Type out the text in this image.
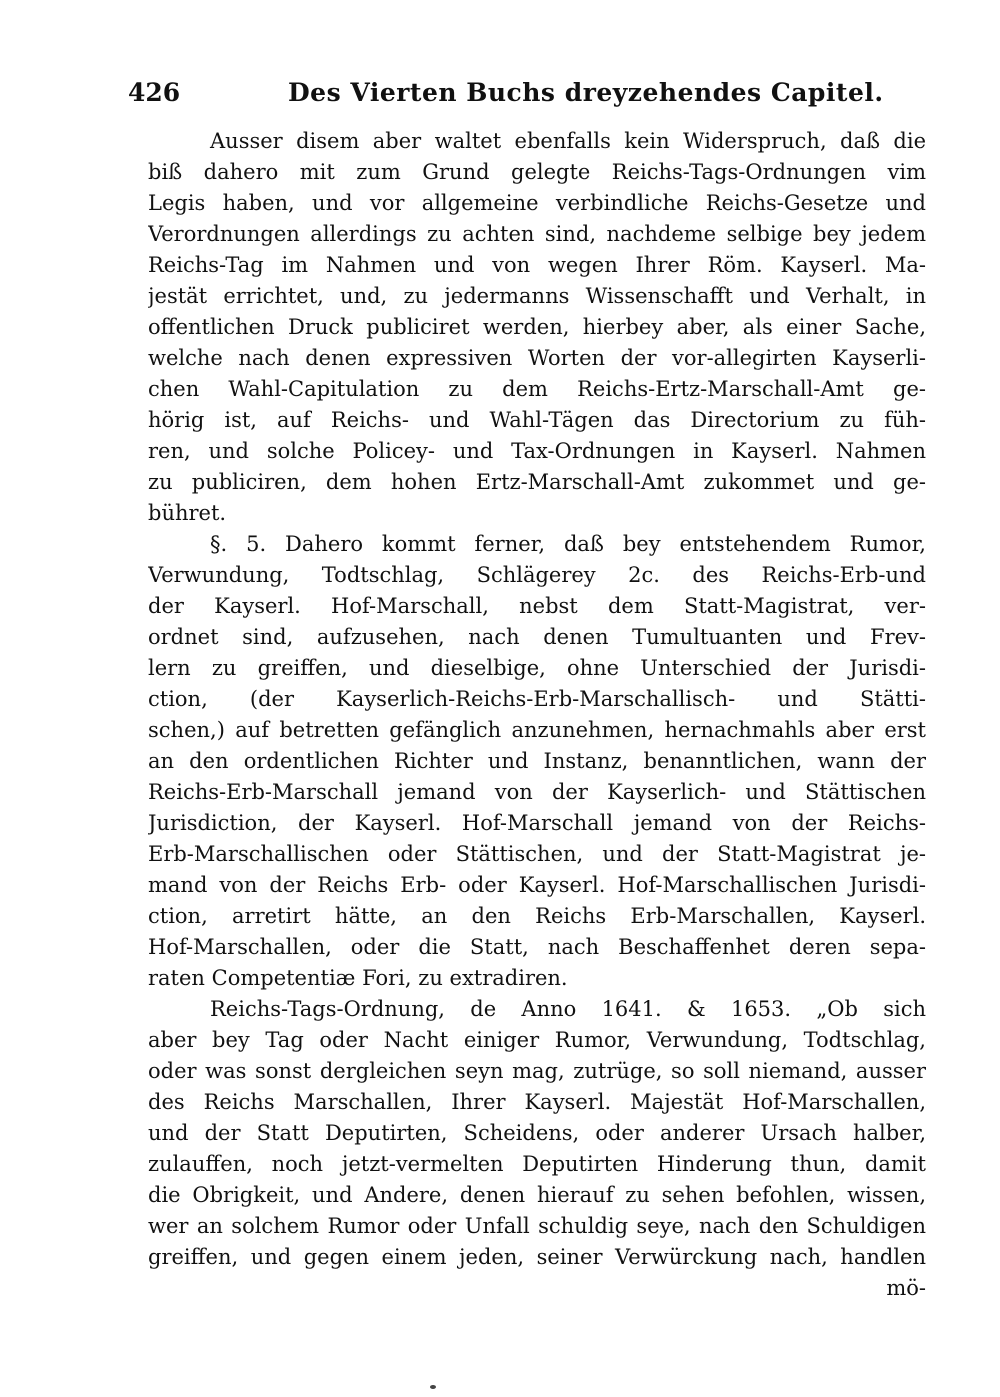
426	Des Vierten Buchs dreyzehendes Capitel.
Ausser disem aber waltet ebenfalls kein Widerspruch, daß die
biß dahero mit zum Grund gelegte Reichs-Tags-Ordnungen vim
Legis haben, und vor allgemeine verbindliche Reichs-Gesetze und
Verordnungen allerdings zu achten sind, nachdeme selbige bey jedem
Reichs-Tag im Nahmen und von wegen Ihrer Röm. Kayserl. Ma-
jestät errichtet, und, zu jedermanns Wissenschafft und Verhalt, in
offentlichen Druck publiciret werden, hierbey aber, als einer Sache,
welche nach denen expressiven Worten der vor-allegirten Kayserli-
chen Wahl-Capitulation zu dem Reichs-Ertz-Marschall-Amt ge-
hörig ist, auf Reichs- und Wahl-Tägen das Directorium zu füh-
ren, und solche Policey- und Tax-Ordnungen in Kayserl. Nahmen
zu publiciren, dem hohen Ertz-Marschall-Amt zukommet und ge-
bühret.
§. 5. Dahero kommt ferner, daß bey entstehendem Rumor,
Verwundung, Todtschlag, Schlägerey 2c. des Reichs-Erb-und
der Kayserl. Hof-Marschall, nebst dem Statt-Magistrat, ver-
ordnet sind, aufzusehen, nach denen Tumultuanten und Frev-
lern zu greiffen, und dieselbige, ohne Unterschied der Jurisdi-
ction, (der Kayserlich-Reichs-Erb-Marschallisch- und Stätti-
schen,) auf betretten gefänglich anzunehmen, hernachmahls aber erst
an den ordentlichen Richter und Instanz, benanntlichen, wann der
Reichs-Erb-Marschall jemand von der Kayserlich- und Stättischen
Jurisdiction, der Kayserl. Hof-Marschall jemand von der Reichs-
Erb-Marschallischen oder Stättischen, und der Statt-Magistrat je-
mand von der Reichs Erb- oder Kayserl. Hof-Marschallischen Jurisdi-
ction, arretirt hätte, an den Reichs Erb-Marschallen, Kayserl.
Hof-Marschallen, oder die Statt, nach Beschaffenhet deren sepa-
raten Competentiæ Fori, zu extradiren.
Reichs-Tags-Ordnung, de Anno 1641. & 1653. „Ob sich
aber bey Tag oder Nacht einiger Rumor, Verwundung, Todtschlag,
oder was sonst dergleichen seyn mag, zutrüge, so soll niemand, ausser
des Reichs Marschallen, Ihrer Kayserl. Majestät Hof-Marschallen,
und der Statt Deputirten, Scheidens, oder anderer Ursach halber,
zulauffen, noch jetzt-vermelten Deputirten Hinderung thun, damit
die Obrigkeit, und Andere, denen hierauf zu sehen befohlen, wissen,
wer an solchem Rumor oder Unfall schuldig seye, nach den Schuldigen
greiffen, und gegen einem jeden, seiner Verwürckung nach, handlen
mö-
